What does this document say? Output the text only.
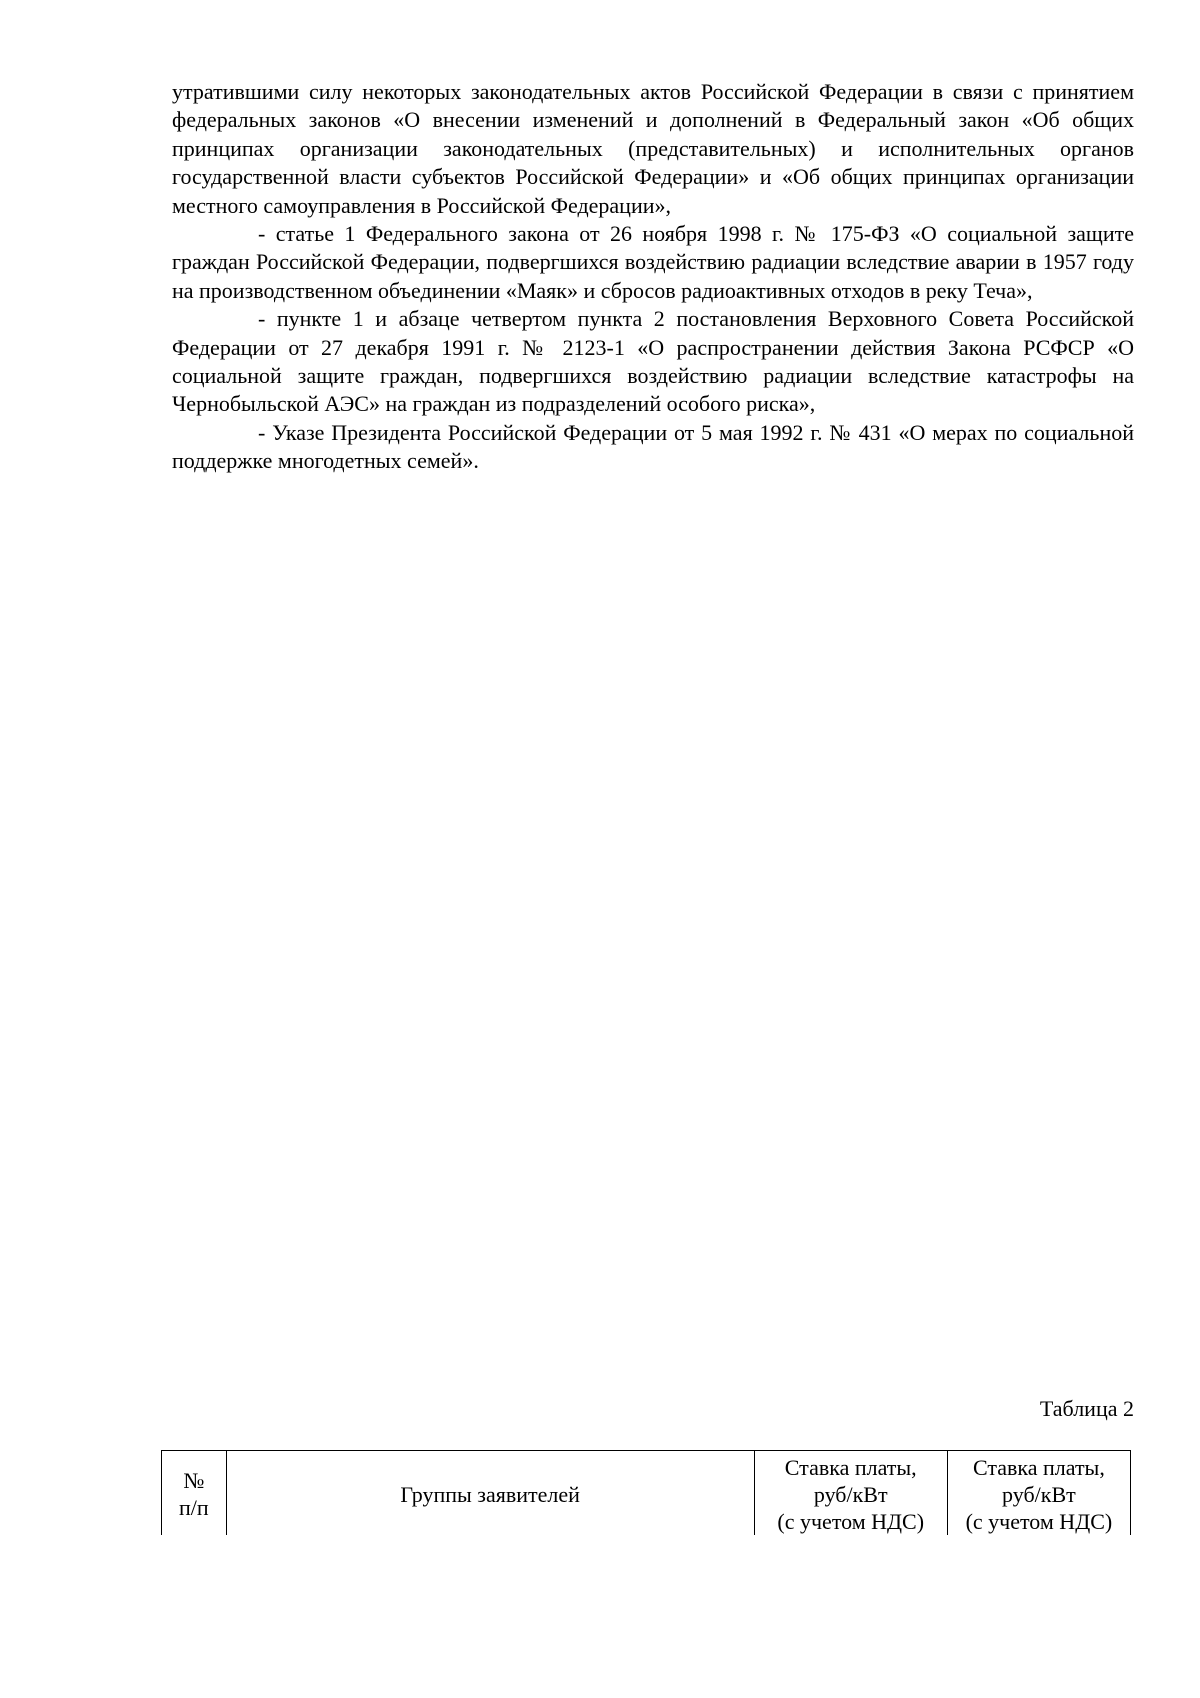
утратившими силу некоторых законодательных актов Российской Федерации в связи с принятием федеральных законов «О внесении изменений и дополнений в Федеральный закон «Об общих принципах организации законодательных (представительных) и исполнительных органов государственной власти субъектов Российской Федерации» и «Об общих принципах организации местного самоуправления в Российской Федерации»,

- статье 1 Федерального закона от 26 ноября 1998 г. № 175-ФЗ «О социальной защите граждан Российской Федерации, подвергшихся воздействию радиации вследствие аварии в 1957 году на производственном объединении «Маяк» и сбросов радиоактивных отходов в реку Теча»,

- пункте 1 и абзаце четвертом пункта 2 постановления Верховного Совета Российской Федерации от 27 декабря 1991 г. № 2123-1 «О распространении действия Закона РСФСР «О социальной защите граждан, подвергшихся воздействию радиации вследствие катастрофы на Чернобыльской АЭС» на граждан из подразделений особого риска»,

- Указе Президента Российской Федерации от 5 мая 1992 г. № 431 «О мерах по социальной поддержке многодетных семей».

Таблица 2
№
п/п

Группы заявителей

Ставка платы,
руб/кВт
(с учетом НДС)

Ставка платы,
руб/кВт
(с учетом НДС)
